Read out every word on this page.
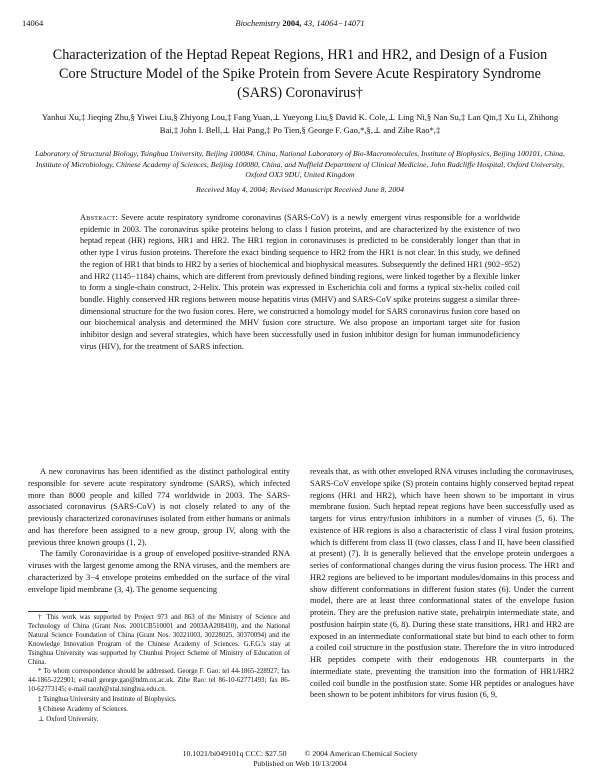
14064	Biochemistry 2004, 43, 14064−14071
Characterization of the Heptad Repeat Regions, HR1 and HR2, and Design of a Fusion Core Structure Model of the Spike Protein from Severe Acute Respiratory Syndrome (SARS) Coronavirus†
Yanhui Xu,‡ Jieqing Zhu,§ Yiwei Liu,§ Zhiyong Lou,‡ Fang Yuan,⊥ Yueyong Liu,§ David K. Cole,⊥ Ling Ni,§ Nan Su,‡ Lan Qin,‡ Xu Li, Zhihong Bai,‡ John I. Bell,⊥ Hai Pang,‡ Po Tien,§ George F. Gao,*,§,⊥ and Zihe Rao*,‡
Laboratory of Structural Biology, Tsinghua University, Beijing 100084, China, National Laboratory of Bio-Macromolecules, Institute of Biophysics, Beijing 100101, China, Institute of Microbiology, Chinese Academy of Sciences, Beijing 100080, China, and Nuffield Department of Clinical Medicine, John Radcliffe Hospital, Oxford University, Oxford OX3 9DU, United Kingdom
Received May 4, 2004; Revised Manuscript Received June 8, 2004
Abstract: Severe acute respiratory syndrome coronavirus (SARS-CoV) is a newly emergent virus responsible for a worldwide epidemic in 2003. The coronavirus spike proteins belong to class I fusion proteins, and are characterized by the existence of two heptad repeat (HR) regions, HR1 and HR2. The HR1 region in coronaviruses is predicted to be considerably longer than that in other type I virus fusion proteins. Therefore the exact binding sequence to HR2 from the HR1 is not clear. In this study, we defined the region of HR1 that binds to HR2 by a series of biochemical and biophysical measures. Subsequently the defined HR1 (902−952) and HR2 (1145−1184) chains, which are different from previously defined binding regions, were linked together by a flexible linker to form a single-chain construct, 2-Helix. This protein was expressed in Escherichia coli and forms a typical six-helix coiled coil bundle. Highly conserved HR regions between mouse hepatitis virus (MHV) and SARS-CoV spike proteins suggest a similar three-dimensional structure for the two fusion cores. Here, we constructed a homology model for SARS coronavirus fusion core based on our biochemical analysis and determined the MHV fusion core structure. We also propose an important target site for fusion inhibitor design and several strategies, which have been successfully used in fusion inhibitor design for human immunodeficiency virus (HIV), for the treatment of SARS infection.

A new coronavirus has been identified as the distinct pathological entity responsible for severe acute respiratory syndrome (SARS), which infected more than 8000 people and killed 774 worldwide in 2003. The SARS-associated coronavirus (SARS-CoV) is not closely related to any of the previously characterized coronaviruses isolated from either humans or animals and has therefore been assigned to a new group, group IV, along with the previous three known groups (1, 2).

The family Coronaviridae is a group of enveloped positive-stranded RNA viruses with the largest genome among the RNA viruses, and the members are characterized by 3−4 envelope proteins embedded on the surface of the viral envelope lipid membrane (3, 4). The genome sequencing

reveals that, as with other enveloped RNA viruses including the coronaviruses, SARS-CoV envelope spike (S) protein contains highly conserved heptad repeat regions (HR1 and HR2), which have been shown to be important in virus membrane fusion. Such heptad repeat regions have been successfully used as targets for virus entry/fusion inhibitors in a number of viruses (5, 6). The existence of HR regions is also a characteristic of class I viral fusion proteins, which is different from class II (two classes, class I and II, have been classified at present) (7). It is generally believed that the envelope protein undergoes a series of conformational changes during the virus fusion process. The HR1 and HR2 regions are believed to be important modules/domains in this process and show different conformations in different fusion states (6). Under the current model, there are at least three conformational states of the envelope fusion protein. They are the prefusion native state, prehairpin intermediate state, and postfusion hairpin state (6, 8). During these state transitions, HR1 and HR2 are exposed in an intermediate conformational state but bind to each other to form a coiled coil structure in the postfusion state. Therefore the in vitro introduced HR peptides compete with their endogenous HR counterparts in the intermediate state, preventing the transition into the formation of HR1/HR2 coiled coil bundle in the postfusion state. Some HR peptides or analogues have been shown to be potent inhibitors for virus fusion (6, 9,

† This work was supported by Project 973 and 863 of the Ministry of Science and Technology of China (Grant Nos. 2001CB510001 and 2003AA208410), and the National Natural Science Foundation of China (Grant Nos. 30221003, 30228025, 30370094) and the Knowledge Innovation Program of the Chinese Academy of Sciences. G.F.G.'s stay at Tsinghua University was supported by Chunhui Project Scheme of Ministry of Education of China.

* To whom correspondence should be addressed. George F. Gao: tel 44-1865-228927; fax 44-1865-222901; e-mail george.gao@ndm.ox.ac.uk. Zihe Rao: tel 86-10-62771493; fax 86-10-62773145; e-mail raozh@xtal.tsinghua.edu.cn.

‡ Tsinghua University and Institute of Biophysics.

§ Chinese Academy of Sciences.

⊥ Oxford University.

10.1021/bi049101q CCC: $27.50 © 2004 American Chemical Society
Published on Web 10/13/2004
